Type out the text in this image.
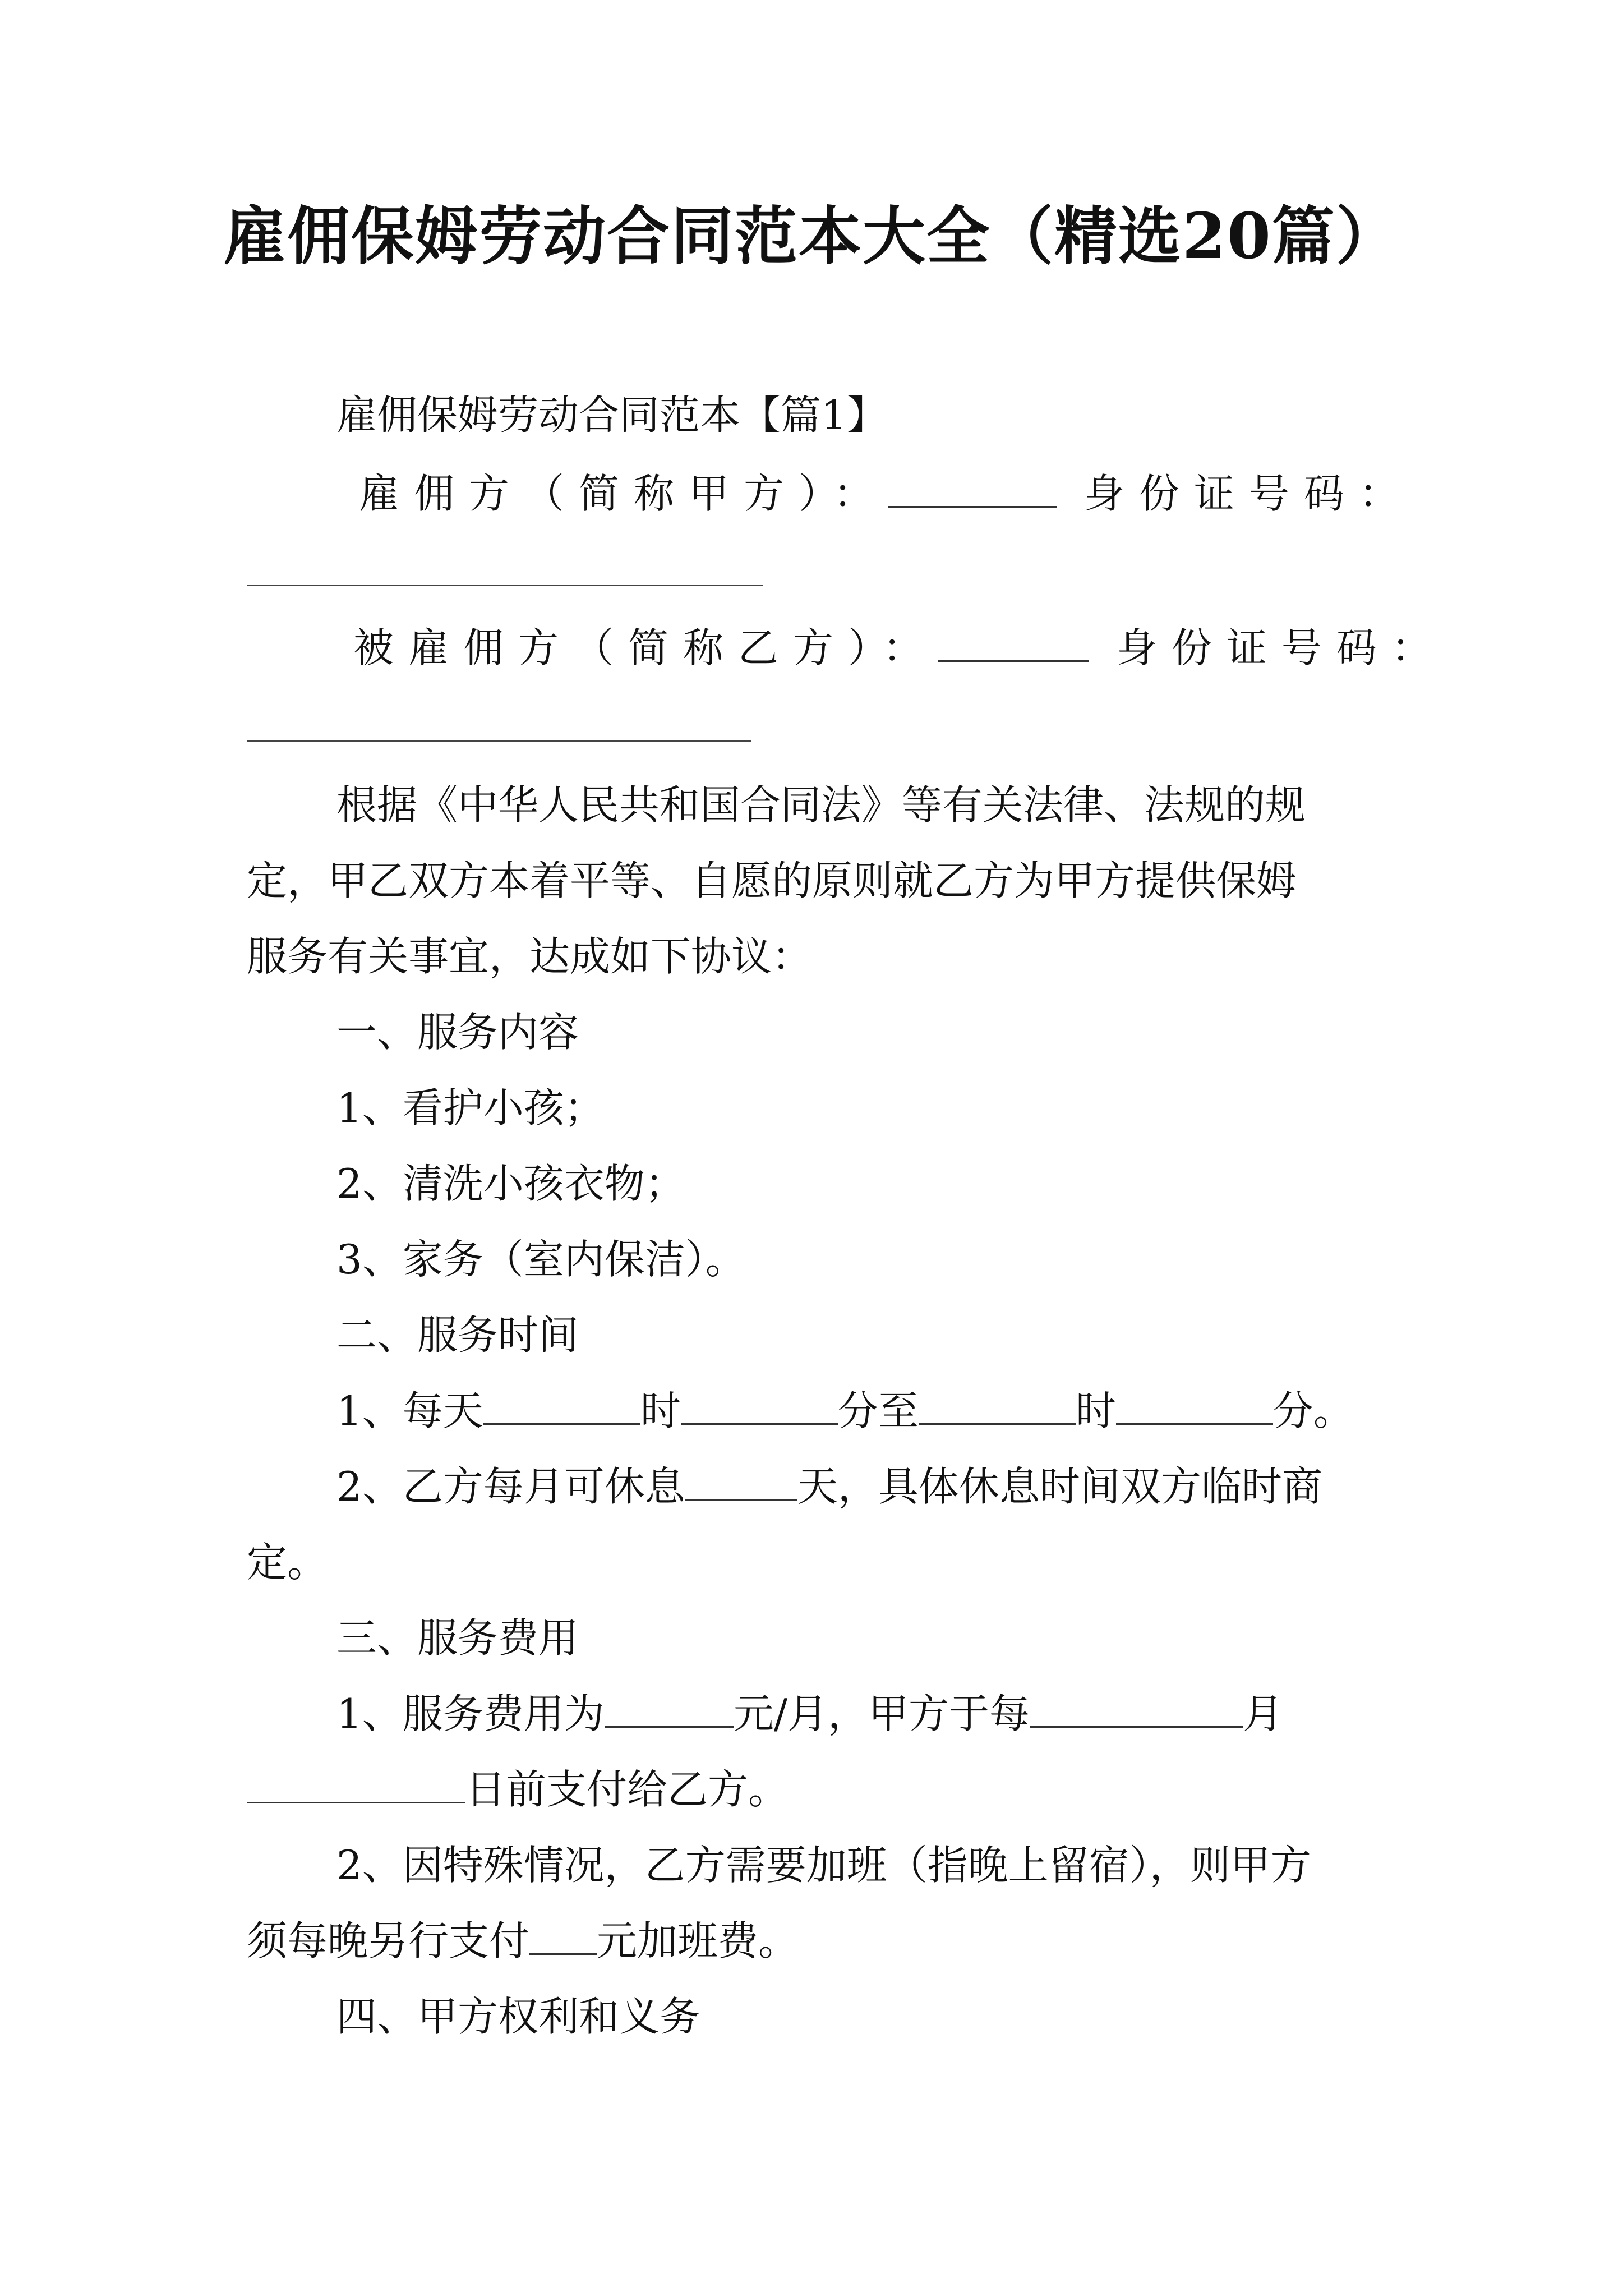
雇佣保姆劳动合同范本大全（精选20篇）
雇佣保姆劳动合同范本【篇1】
雇佣方（简称甲方）：	身份证号码：
被雇佣方（简称乙方）：	身份证号码：
根据《中华人民共和国合同法》等有关法律、法规的规
定，甲乙双方本着平等、自愿的原则就乙方为甲方提供保姆
服务有关事宜，达成如下协议：
一、服务内容
1、看护小孩；
2、清洗小孩衣物；
3、家务（室内保洁）。
二、服务时间
1、每天	时	分至	时	分。
2、乙方每月可休息	天，具体休息时间双方临时商
定。
三、服务费用
1、服务费用为	元/月，甲方于每	月
日前支付给乙方。
2、因特殊情况，乙方需要加班（指晚上留宿），则甲方
须每晚另行支付 元加班费。
四、甲方权利和义务
